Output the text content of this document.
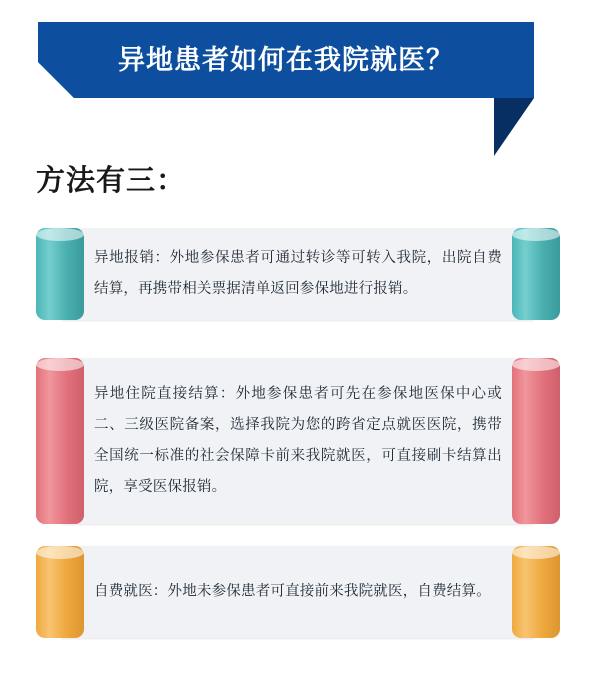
异地患者如何在我院就医？
方法有三：
异地报销：外地参保患者可通过转诊等可转入我院，出院自费结算，再携带相关票据清单返回参保地进行报销。
异地住院直接结算：外地参保患者可先在参保地医保中心或二、三级医院备案，选择我院为您的跨省定点就医医院，携带全国统一标准的社会保障卡前来我院就医，可直接刷卡结算出院，享受医保报销。
自费就医：外地未参保患者可直接前来我院就医，自费结算。
